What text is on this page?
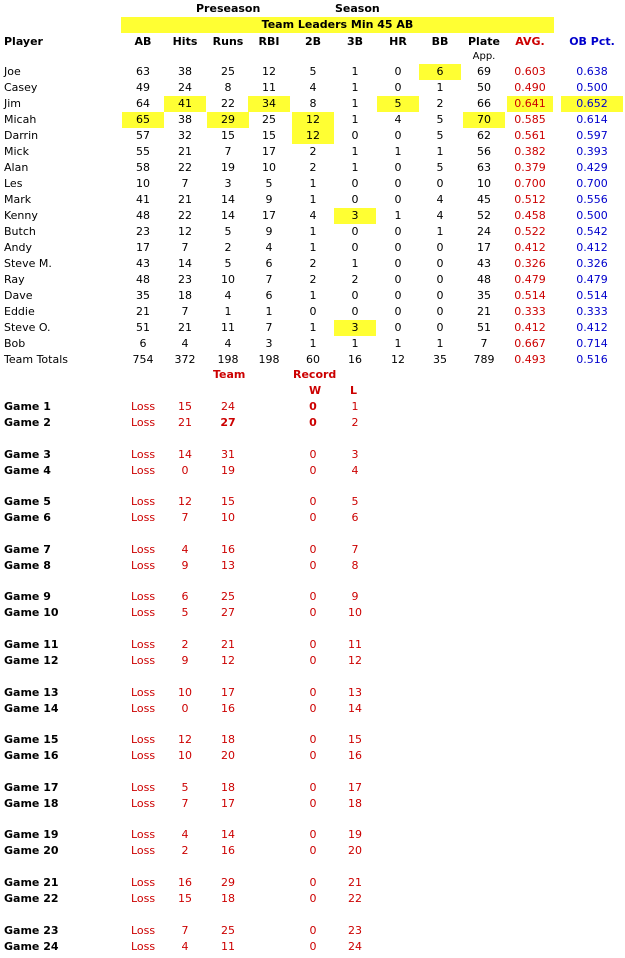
Preseason	Season
Team Leaders Min 45 AB
Player	AB	Hits	Runs	RBI	2B	3B	HR	BB	Plate	AVG.	OB Pct.
App.
Joe	63	38	25	12	5	1	0	6	69	0.603	0.638
Casey	49	24	8	11	4	1	0	1	50	0.490	0.500
Jim	64	41	22	34	8	1	5	2	66	0.641	0.652
Micah	65	38	29	25	12	1	4	5	70	0.585	0.614
Darrin	57	32	15	15	12	0	0	5	62	0.561	0.597
Mick	55	21	7	17	2	1	1	1	56	0.382	0.393
Alan	58	22	19	10	2	1	0	5	63	0.379	0.429
Les	10	7	3	5	1	0	0	0	10	0.700	0.700
Mark	41	21	14	9	1	0	0	4	45	0.512	0.556
Kenny	48	22	14	17	4	3	1	4	52	0.458	0.500
Butch	23	12	5	9	1	0	0	1	24	0.522	0.542
Andy	17	7	2	4	1	0	0	0	17	0.412	0.412
Steve M.	43	14	5	6	2	1	0	0	43	0.326	0.326
Ray	48	23	10	7	2	2	0	0	48	0.479	0.479
Dave	35	18	4	6	1	0	0	0	35	0.514	0.514
Eddie	21	7	1	1	0	0	0	0	21	0.333	0.333
Steve O.	51	21	11	7	1	3	0	0	51	0.412	0.412
Bob	6	4	4	3	1	1	1	1	7	0.667	0.714
Team Totals	754	372	198	198	60	16	12	35	789	0.493	0.516
Team	Record
W	L
Game 1	Loss	15	24	0	1
Game 2	Loss	21	27	0	2
Game 3	Loss	14	31	0	3
Game 4	Loss	0	19	0	4
Game 5	Loss	12	15	0	5
Game 6	Loss	7	10	0	6
Game 7	Loss	4	16	0	7
Game 8	Loss	9	13	0	8
Game 9	Loss	6	25	0	9
Game 10	Loss	5	27	0	10
Game 11	Loss	2	21	0	11
Game 12	Loss	9	12	0	12
Game 13	Loss	10	17	0	13
Game 14	Loss	0	16	0	14
Game 15	Loss	12	18	0	15
Game 16	Loss	10	20	0	16
Game 17	Loss	5	18	0	17
Game 18	Loss	7	17	0	18
Game 19	Loss	4	14	0	19
Game 20	Loss	2	16	0	20
Game 21	Loss	16	29	0	21
Game 22	Loss	15	18	0	22
Game 23	Loss	7	25	0	23
Game 24	Loss	4	11	0	24
